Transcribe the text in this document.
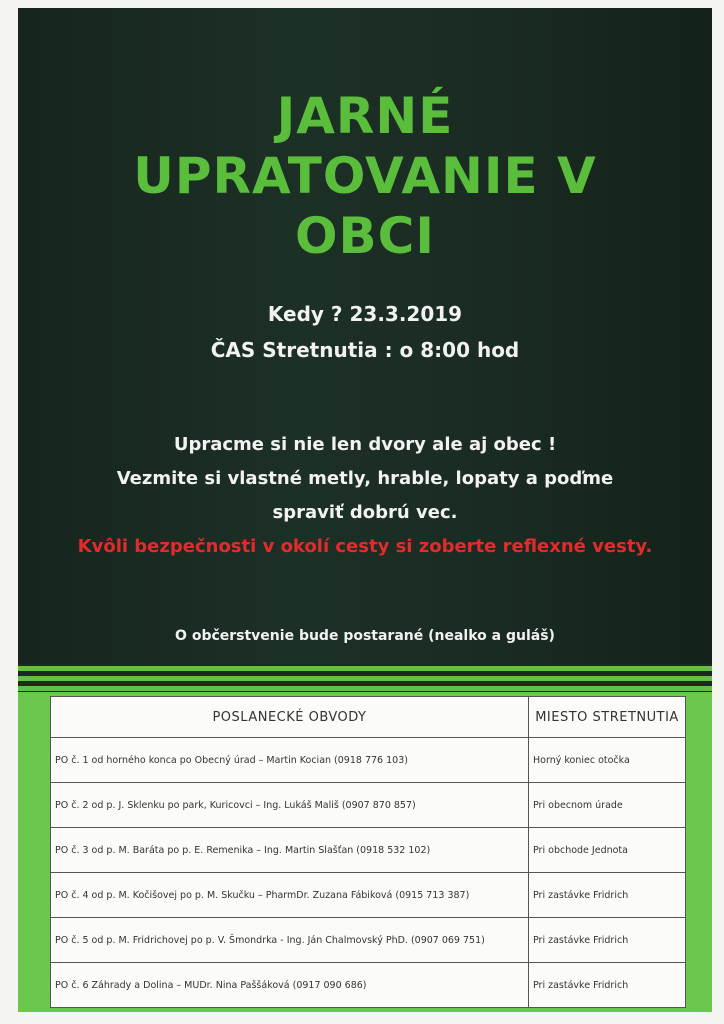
JARNÉ
UPRATOVANIE V
OBCI
Kedy ? 23.3.2019
ČAS Stretnutia : o 8:00 hod
Upracme si nie len dvory ale aj obec !
Vezmite si vlastné metly, hrable, lopaty a poďme
spraviť dobrú vec.
Kvôli bezpečnosti v okolí cesty si zoberte reflexné vesty.
O občerstvenie bude postarané (nealko a guláš)
POSLANECKÉ OBVODY	MIESTO STRETNUTIA
PO č. 1 od horného konca po Obecný úrad – Martin Kocian (0918 776 103)	Horný koniec otočka
PO č. 2 od p. J. Sklenku po park, Kuricovci – Ing. Lukáš Mališ (0907 870 857)	Pri obecnom úrade
PO č. 3 od p. M. Baráta po p. E. Remenika – Ing. Martin Slašťan (0918 532 102)	Pri obchode Jednota
PO č. 4 od p. M. Kočišovej po p. M. Skučku – PharmDr. Zuzana Fábiková (0915 713 387)	Pri zastávke Fridrich
PO č. 5 od p. M. Fridrichovej po p. V. Šmondrka - Ing. Ján Chalmovský PhD. (0907 069 751)	Pri zastávke Fridrich
PO č. 6 Záhrady a Dolina – MUDr. Nina Paššáková (0917 090 686)	Pri zastávke Fridrich
